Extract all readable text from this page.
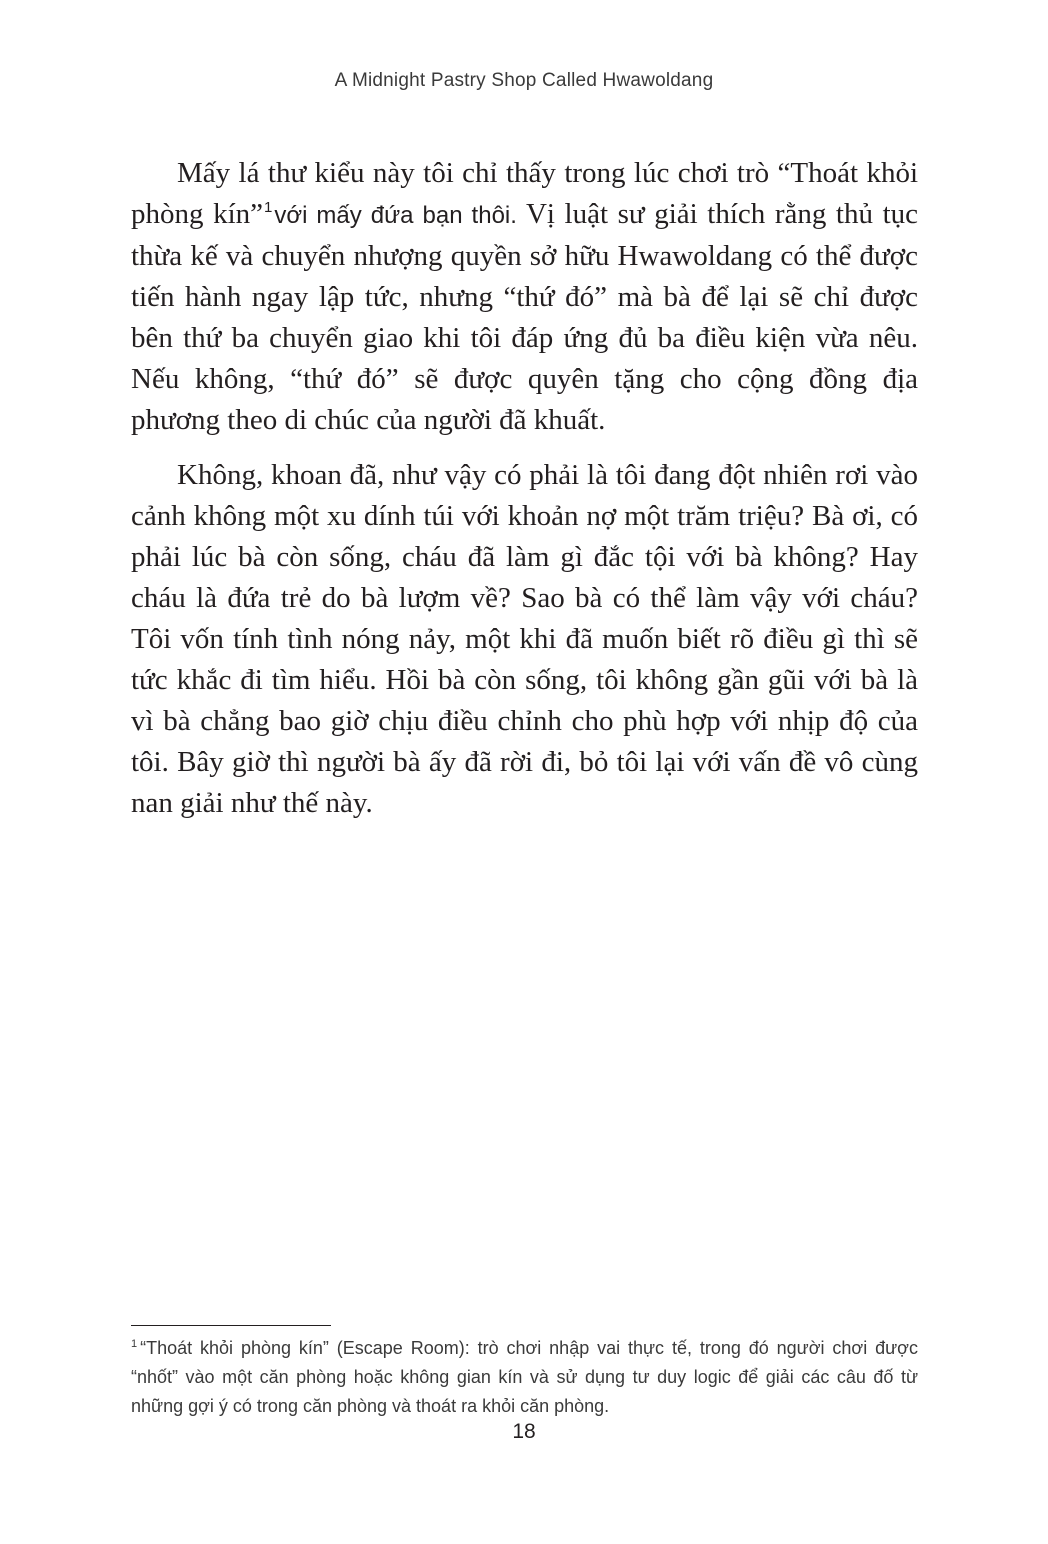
A Midnight Pastry Shop Called Hwawoldang

Mấy lá thư kiểu này tôi chỉ thấy trong lúc chơi trò “Thoát khỏi phòng kín”$^1$với mấy đứa bạn thôi. Vị luật sư giải thích rằng thủ tục thừa kế và chuyển nhượng quyền sở hữu Hwawoldang có thể được tiến hành ngay lập tức, nhưng “thứ đó” mà bà để lại sẽ chỉ được bên thứ ba chuyển giao khi tôi đáp ứng đủ ba điều kiện vừa nêu. Nếu không, “thứ đó” sẽ được quyên tặng cho cộng đồng địa phương theo di chúc của người đã khuất.

Không, khoan đã, như vậy có phải là tôi đang đột nhiên rơi vào cảnh không một xu dính túi với khoản nợ một trăm triệu? Bà ơi, có phải lúc bà còn sống, cháu đã làm gì đắc tội với bà không? Hay cháu là đứa trẻ do bà lượm về? Sao bà có thể làm vậy với cháu? Tôi vốn tính tình nóng nảy, một khi đã muốn biết rõ điều gì thì sẽ tức khắc đi tìm hiểu. Hồi bà còn sống, tôi không gần gũi với bà là vì bà chẳng bao giờ chịu điều chỉnh cho phù hợp với nhịp độ của tôi. Bây giờ thì người bà ấy đã rời đi, bỏ tôi lại với vấn đề vô cùng nan giải như thế này.

$^1$ “Thoát khỏi phòng kín” (Escape Room): trò chơi nhập vai thực tế, trong đó người chơi được “nhốt” vào một căn phòng hoặc không gian kín và sử dụng tư duy logic để giải các câu đố từ những gợi ý có trong căn phòng và thoát ra khỏi căn phòng.
18
